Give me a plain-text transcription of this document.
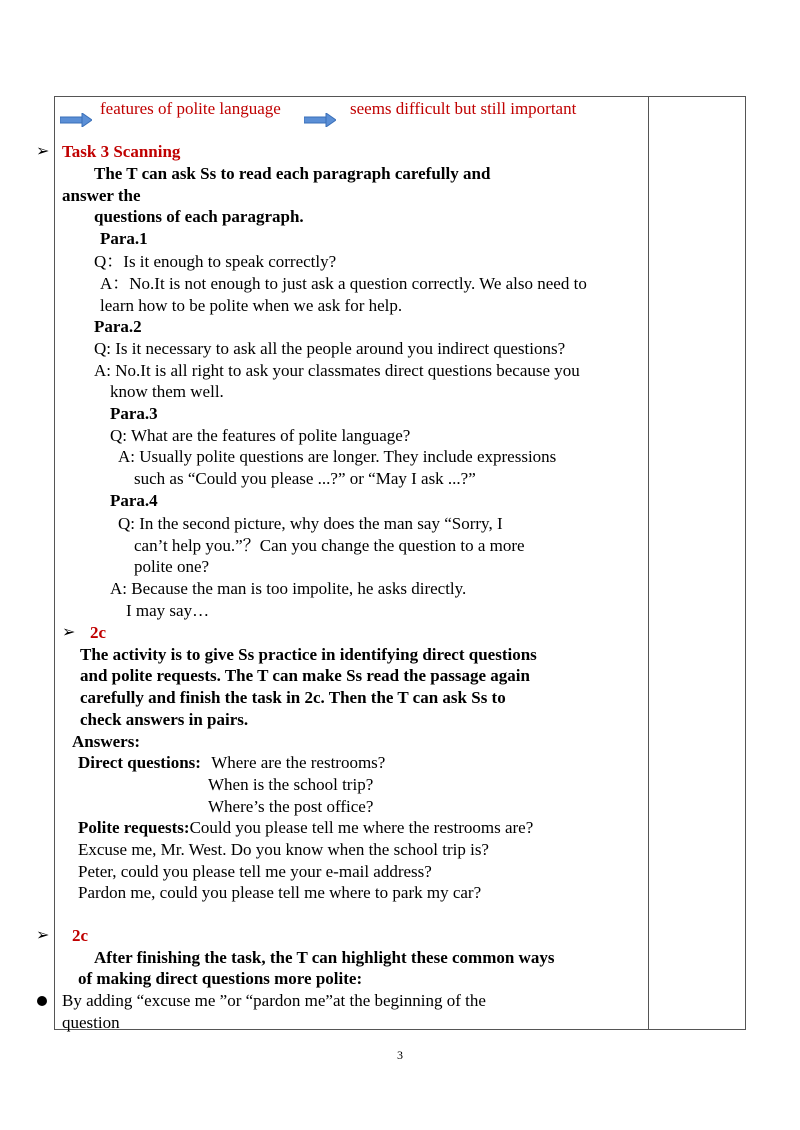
features of polite language	seems difficult but still important
➢ Task 3 Scanning
The T can ask Ss to read each paragraph carefully and
answer the
questions of each paragraph.
Para.1
Q：Is it enough to speak correctly?
A：No.It is not enough to just ask a question correctly. We also need to
learn how to be polite when we ask for help.
Para.2
Q: Is it necessary to ask all the people around you indirect questions?
A: No.It is all right to ask your classmates direct questions because you
know them well.
Para.3
Q: What are the features of polite language?
A: Usually polite questions are longer. They include expressions
such as “Could you please ...?” or “May I ask ...?”
Para.4
Q: In the second picture, why does the man say “Sorry, I
can’t help you.”？Can you change the question to a more
polite one?
A: Because the man is too impolite, he asks directly.
I may say…
➢ 2c
The activity is to give Ss practice in identifying direct questions
and polite requests. The T can make Ss read the passage again
carefully and finish the task in 2c. Then the T can ask Ss to
check answers in pairs.
Answers:
Direct questions: Where are the restrooms?
When is the school trip?
Where’s the post office?
Polite requests:Could you please tell me where the restrooms are?
Excuse me, Mr. West. Do you know when the school trip is?
Peter, could you please tell me your e-mail address?
Pardon me, could you please tell me where to park my car?
➢ 2c
After finishing the task, the T can highlight these common ways
of making direct questions more polite:
By adding “excuse me ”or “pardon me”at the beginning of the
question
3
